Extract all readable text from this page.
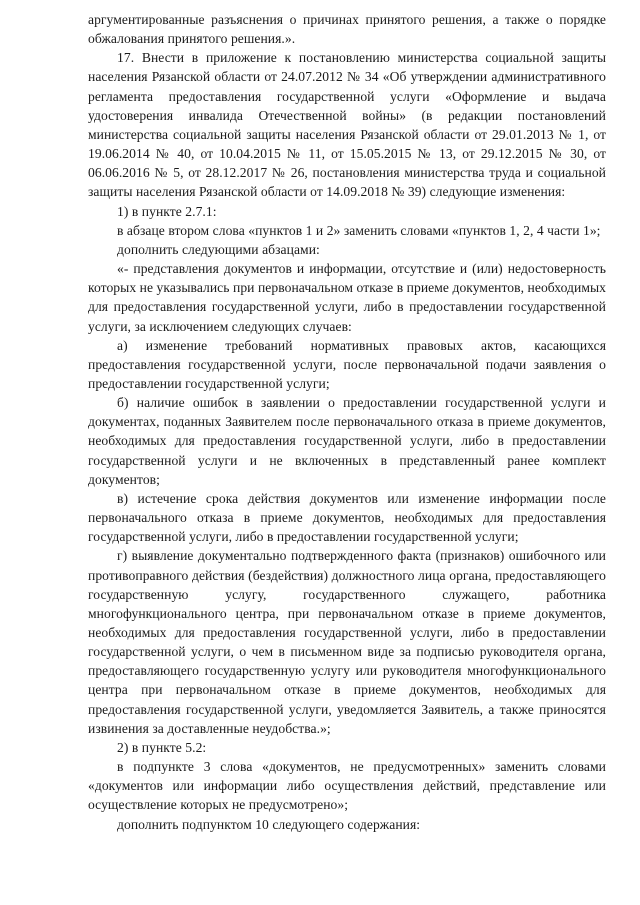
аргументированные разъяснения о причинах принятого решения, а также о порядке обжалования принятого решения.».

17. Внести в приложение к постановлению министерства социальной защиты населения Рязанской области от 24.07.2012 № 34 «Об утверждении административного регламента предоставления государственной услуги «Оформление и выдача удостоверения инвалида Отечественной войны» (в редакции постановлений министерства социальной защиты населения Рязанской области от 29.01.2013 № 1, от 19.06.2014 № 40, от 10.04.2015 № 11, от 15.05.2015 № 13, от 29.12.2015 № 30, от 06.06.2016 № 5, от 28.12.2017 № 26, постановления министерства труда и социальной защиты населения Рязанской области от 14.09.2018 № 39) следующие изменения:

1) в пункте 2.7.1:

в абзаце втором слова «пунктов 1 и 2» заменить словами «пунктов 1, 2, 4 части 1»;

дополнить следующими абзацами:

«- представления документов и информации, отсутствие и (или) недостоверность которых не указывались при первоначальном отказе в приеме документов, необходимых для предоставления государственной услуги, либо в предоставлении государственной услуги, за исключением следующих случаев:

а) изменение требований нормативных правовых актов, касающихся предоставления государственной услуги, после первоначальной подачи заявления о предоставлении государственной услуги;

б) наличие ошибок в заявлении о предоставлении государственной услуги и документах, поданных Заявителем после первоначального отказа в приеме документов, необходимых для предоставления государственной услуги, либо в предоставлении государственной услуги и не включенных в представленный ранее комплект документов;

в) истечение срока действия документов или изменение информации после первоначального отказа в приеме документов, необходимых для предоставления государственной услуги, либо в предоставлении государственной услуги;

г) выявление документально подтвержденного факта (признаков) ошибочного или противоправного действия (бездействия) должностного лица органа, предоставляющего государственную услугу, государственного служащего, работника многофункционального центра, при первоначальном отказе в приеме документов, необходимых для предоставления государственной услуги, либо в предоставлении государственной услуги, о чем в письменном виде за подписью руководителя органа, предоставляющего государственную услугу или руководителя многофункционального центра при первоначальном отказе в приеме документов, необходимых для предоставления государственной услуги, уведомляется Заявитель, а также приносятся извинения за доставленные неудобства.»;

2) в пункте 5.2:

в подпункте 3 слова «документов, не предусмотренных» заменить словами «документов или информации либо осуществления действий, представление или осуществление которых не предусмотрено»;

дополнить подпунктом 10 следующего содержания:
